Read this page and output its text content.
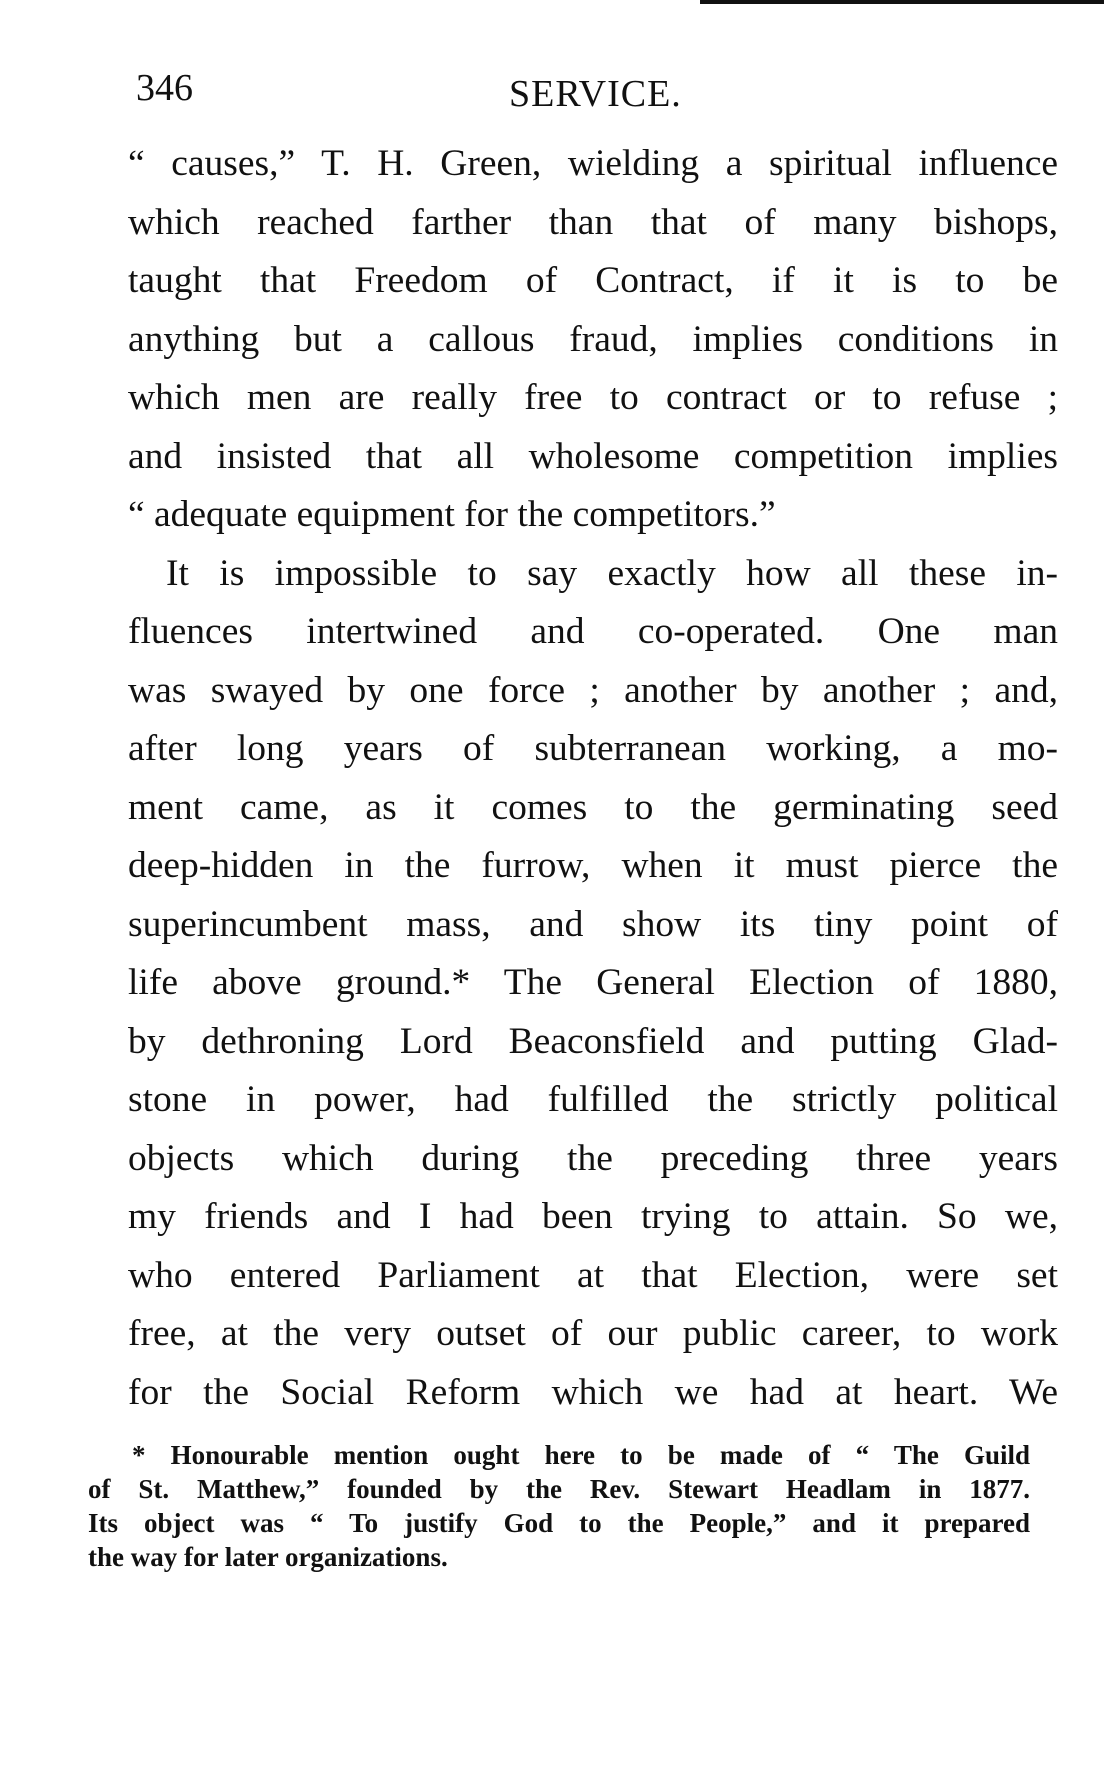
346	SERVICE.
“ causes,” T. H. Green, wielding a spiritual influence
which reached farther than that of many bishops,
taught that Freedom of Contract, if it is to be
anything but a callous fraud, implies conditions in
which men are really free to contract or to refuse ;
and insisted that all wholesome competition implies
“ adequate equipment for the competitors.”
It is impossible to say exactly how all these in-
fluences intertwined and co-operated. One man
was swayed by one force ; another by another ; and,
after long years of subterranean working, a mo-
ment came, as it comes to the germinating seed
deep-hidden in the furrow, when it must pierce the
superincumbent mass, and show its tiny point of
life above ground.* The General Election of 1880,
by dethroning Lord Beaconsfield and putting Glad-
stone in power, had fulfilled the strictly political
objects which during the preceding three years
my friends and I had been trying to attain. So we,
who entered Parliament at that Election, were set
free, at the very outset of our public career, to work
for the Social Reform which we had at heart. We
* Honourable mention ought here to be made of “ The Guild
of St. Matthew,” founded by the Rev. Stewart Headlam in 1877.
Its object was “ To justify God to the People,” and it prepared
the way for later organizations.
